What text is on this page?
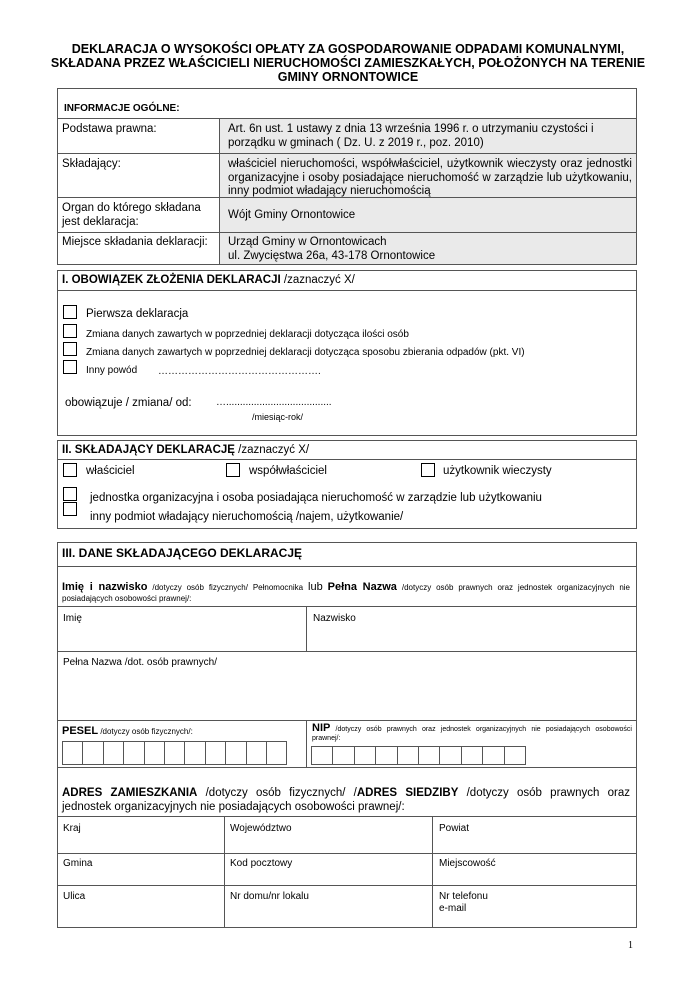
DEKLARACJA O WYSOKOŚCI OPŁATY ZA GOSPODAROWANIE ODPADAMI KOMUNALNYMI, SKŁADANA PRZEZ WŁAŚCICIELI NIERUCHOMOŚCI ZAMIESZKAŁYCH, POŁOŻONYCH NA TERENIE GMINY ORNONTOWICE
INFORMACJE OGÓLNE:
Podstawa prawna:	Art. 6n ust. 1 ustawy z dnia 13 września 1996 r. o utrzymaniu czystości i porządku w gminach ( Dz. U. z 2019 r., poz. 2010)
Składający:	właściciel nieruchomości, współwłaściciel, użytkownik wieczysty oraz jednostki organizacyjne i osoby posiadające nieruchomość w zarządzie lub użytkowaniu, inny podmiot władający nieruchomością
Organ do którego składana jest deklaracja:
Wójt Gminy Ornontowice
Miejsce składania deklaracji: Urząd Gminy w Ornontowicach
ul. Zwycięstwa 26a, 43-178 Ornontowice
I. OBOWIĄZEK ZŁOŻENIA DEKLARACJI /zaznaczyć X/
Pierwsza deklaracja
Zmiana danych zawartych w poprzedniej deklaracji dotycząca ilości osób
Zmiana danych zawartych w poprzedniej deklaracji dotycząca sposobu zbierania odpadów (pkt. VI)
Inny powód ………………………………………….
obowiązuje / zmiana/ od: …......................................
/miesiąc-rok/
II. SKŁADAJĄCY DEKLARACJĘ /zaznaczyć X/
właściciel	współwłaściciel	użytkownik wieczysty
jednostka organizacyjna i osoba posiadająca nieruchomość w zarządzie lub użytkowaniu
inny podmiot władający nieruchomością /najem, użytkowanie/
III. DANE SKŁADAJĄCEGO DEKLARACJĘ
Imię i nazwisko /dotyczy osób fizycznych/ Pełnomocnika lub Pełna Nazwa /dotyczy osób prawnych oraz jednostek organizacyjnych nie posiadających osobowości prawnej/:
Imię	Nazwisko
Pełna Nazwa /dot. osób prawnych/
PESEL /dotyczy osób fizycznych/:	NIP /dotyczy osób prawnych oraz jednostek organizacyjnych nie posiadających osobowości prawnej/:
ADRES ZAMIESZKANIA /dotyczy osób fizycznych/ /ADRES SIEDZIBY /dotyczy osób prawnych oraz jednostek organizacyjnych nie posiadających osobowości prawnej/:
Kraj	Województwo	Powiat
Gmina	Kod pocztowy	Miejscowość
Ulica	Nr domu/nr lokalu	Nr telefonu
e-mail
1
